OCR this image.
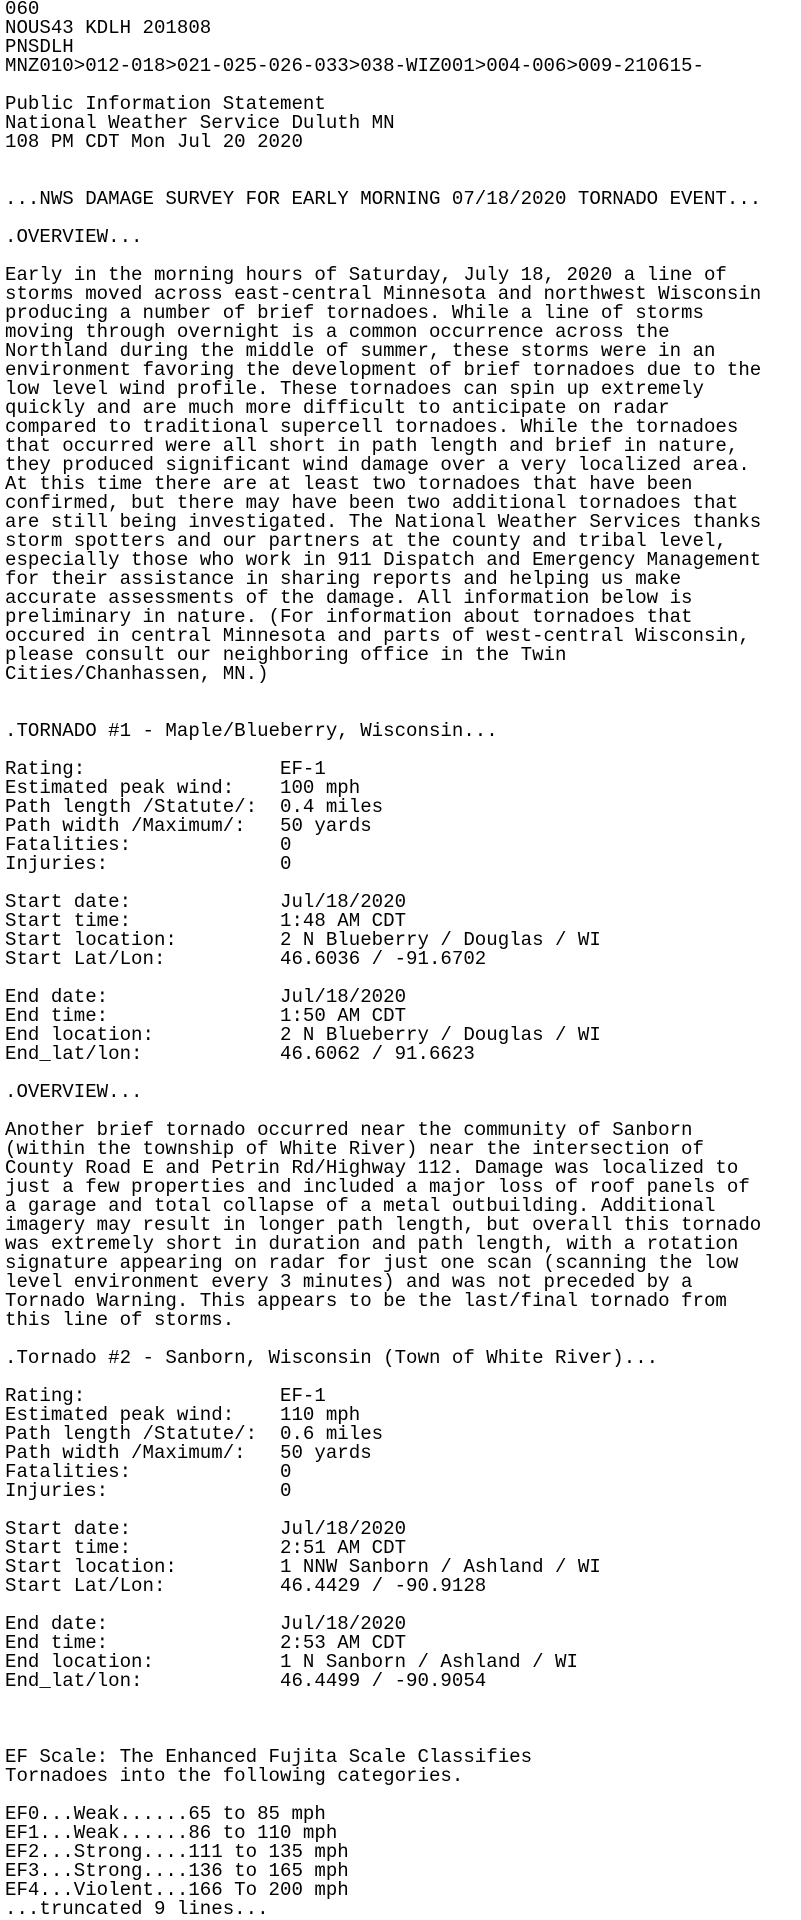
060
NOUS43 KDLH 201808
PNSDLH
MNZ010>012-018>021-025-026-033>038-WIZ001>004-006>009-210615-
Public Information Statement
National Weather Service Duluth MN
108 PM CDT Mon Jul 20 2020
...NWS DAMAGE SURVEY FOR EARLY MORNING 07/18/2020 TORNADO EVENT...
.OVERVIEW...
Early in the morning hours of Saturday, July 18, 2020 a line of
storms moved across east-central Minnesota and northwest Wisconsin
producing a number of brief tornadoes. While a line of storms
moving through overnight is a common occurrence across the
Northland during the middle of summer, these storms were in an
environment favoring the development of brief tornadoes due to the
low level wind profile. These tornadoes can spin up extremely
quickly and are much more difficult to anticipate on radar
compared to traditional supercell tornadoes. While the tornadoes
that occurred were all short in path length and brief in nature,
they produced significant wind damage over a very localized area.
At this time there are at least two tornadoes that have been
confirmed, but there may have been two additional tornadoes that
are still being investigated. The National Weather Services thanks
storm spotters and our partners at the county and tribal level,
especially those who work in 911 Dispatch and Emergency Management
for their assistance in sharing reports and helping us make
accurate assessments of the damage. All information below is
preliminary in nature. (For information about tornadoes that
occured in central Minnesota and parts of west-central Wisconsin,
please consult our neighboring office in the Twin
Cities/Chanhassen, MN.)
.TORNADO #1 - Maple/Blueberry, Wisconsin...
Rating:                 EF-1
Estimated peak wind:    100 mph
Path length /Statute/:  0.4 miles
Path width /Maximum/:   50 yards
Fatalities:             0
Injuries:               0
Start date:             Jul/18/2020
Start time:             1:48 AM CDT
Start location:         2 N Blueberry / Douglas / WI
Start Lat/Lon:          46.6036 / -91.6702
End date:               Jul/18/2020
End time:               1:50 AM CDT
End location:           2 N Blueberry / Douglas / WI
End_lat/lon:            46.6062 / 91.6623
.OVERVIEW...
Another brief tornado occurred near the community of Sanborn
(within the township of White River) near the intersection of
County Road E and Petrin Rd/Highway 112. Damage was localized to
just a few properties and included a major loss of roof panels of
a garage and total collapse of a metal outbuilding. Additional
imagery may result in longer path length, but overall this tornado
was extremely short in duration and path length, with a rotation
signature appearing on radar for just one scan (scanning the low
level environment every 3 minutes) and was not preceded by a
Tornado Warning. This appears to be the last/final tornado from
this line of storms.
.Tornado #2 - Sanborn, Wisconsin (Town of White River)...
Rating:                 EF-1
Estimated peak wind:    110 mph
Path length /Statute/:  0.6 miles
Path width /Maximum/:   50 yards
Fatalities:             0
Injuries:               0
Start date:             Jul/18/2020
Start time:             2:51 AM CDT
Start location:         1 NNW Sanborn / Ashland / WI
Start Lat/Lon:          46.4429 / -90.9128
End date:               Jul/18/2020
End time:               2:53 AM CDT
End location:           1 N Sanborn / Ashland / WI
End_lat/lon:            46.4499 / -90.9054
EF Scale: The Enhanced Fujita Scale Classifies
Tornadoes into the following categories.
EF0...Weak......65 to 85 mph
EF1...Weak......86 to 110 mph
EF2...Strong....111 to 135 mph
EF3...Strong....136 to 165 mph
EF4...Violent...166 To 200 mph
...truncated 9 lines...
